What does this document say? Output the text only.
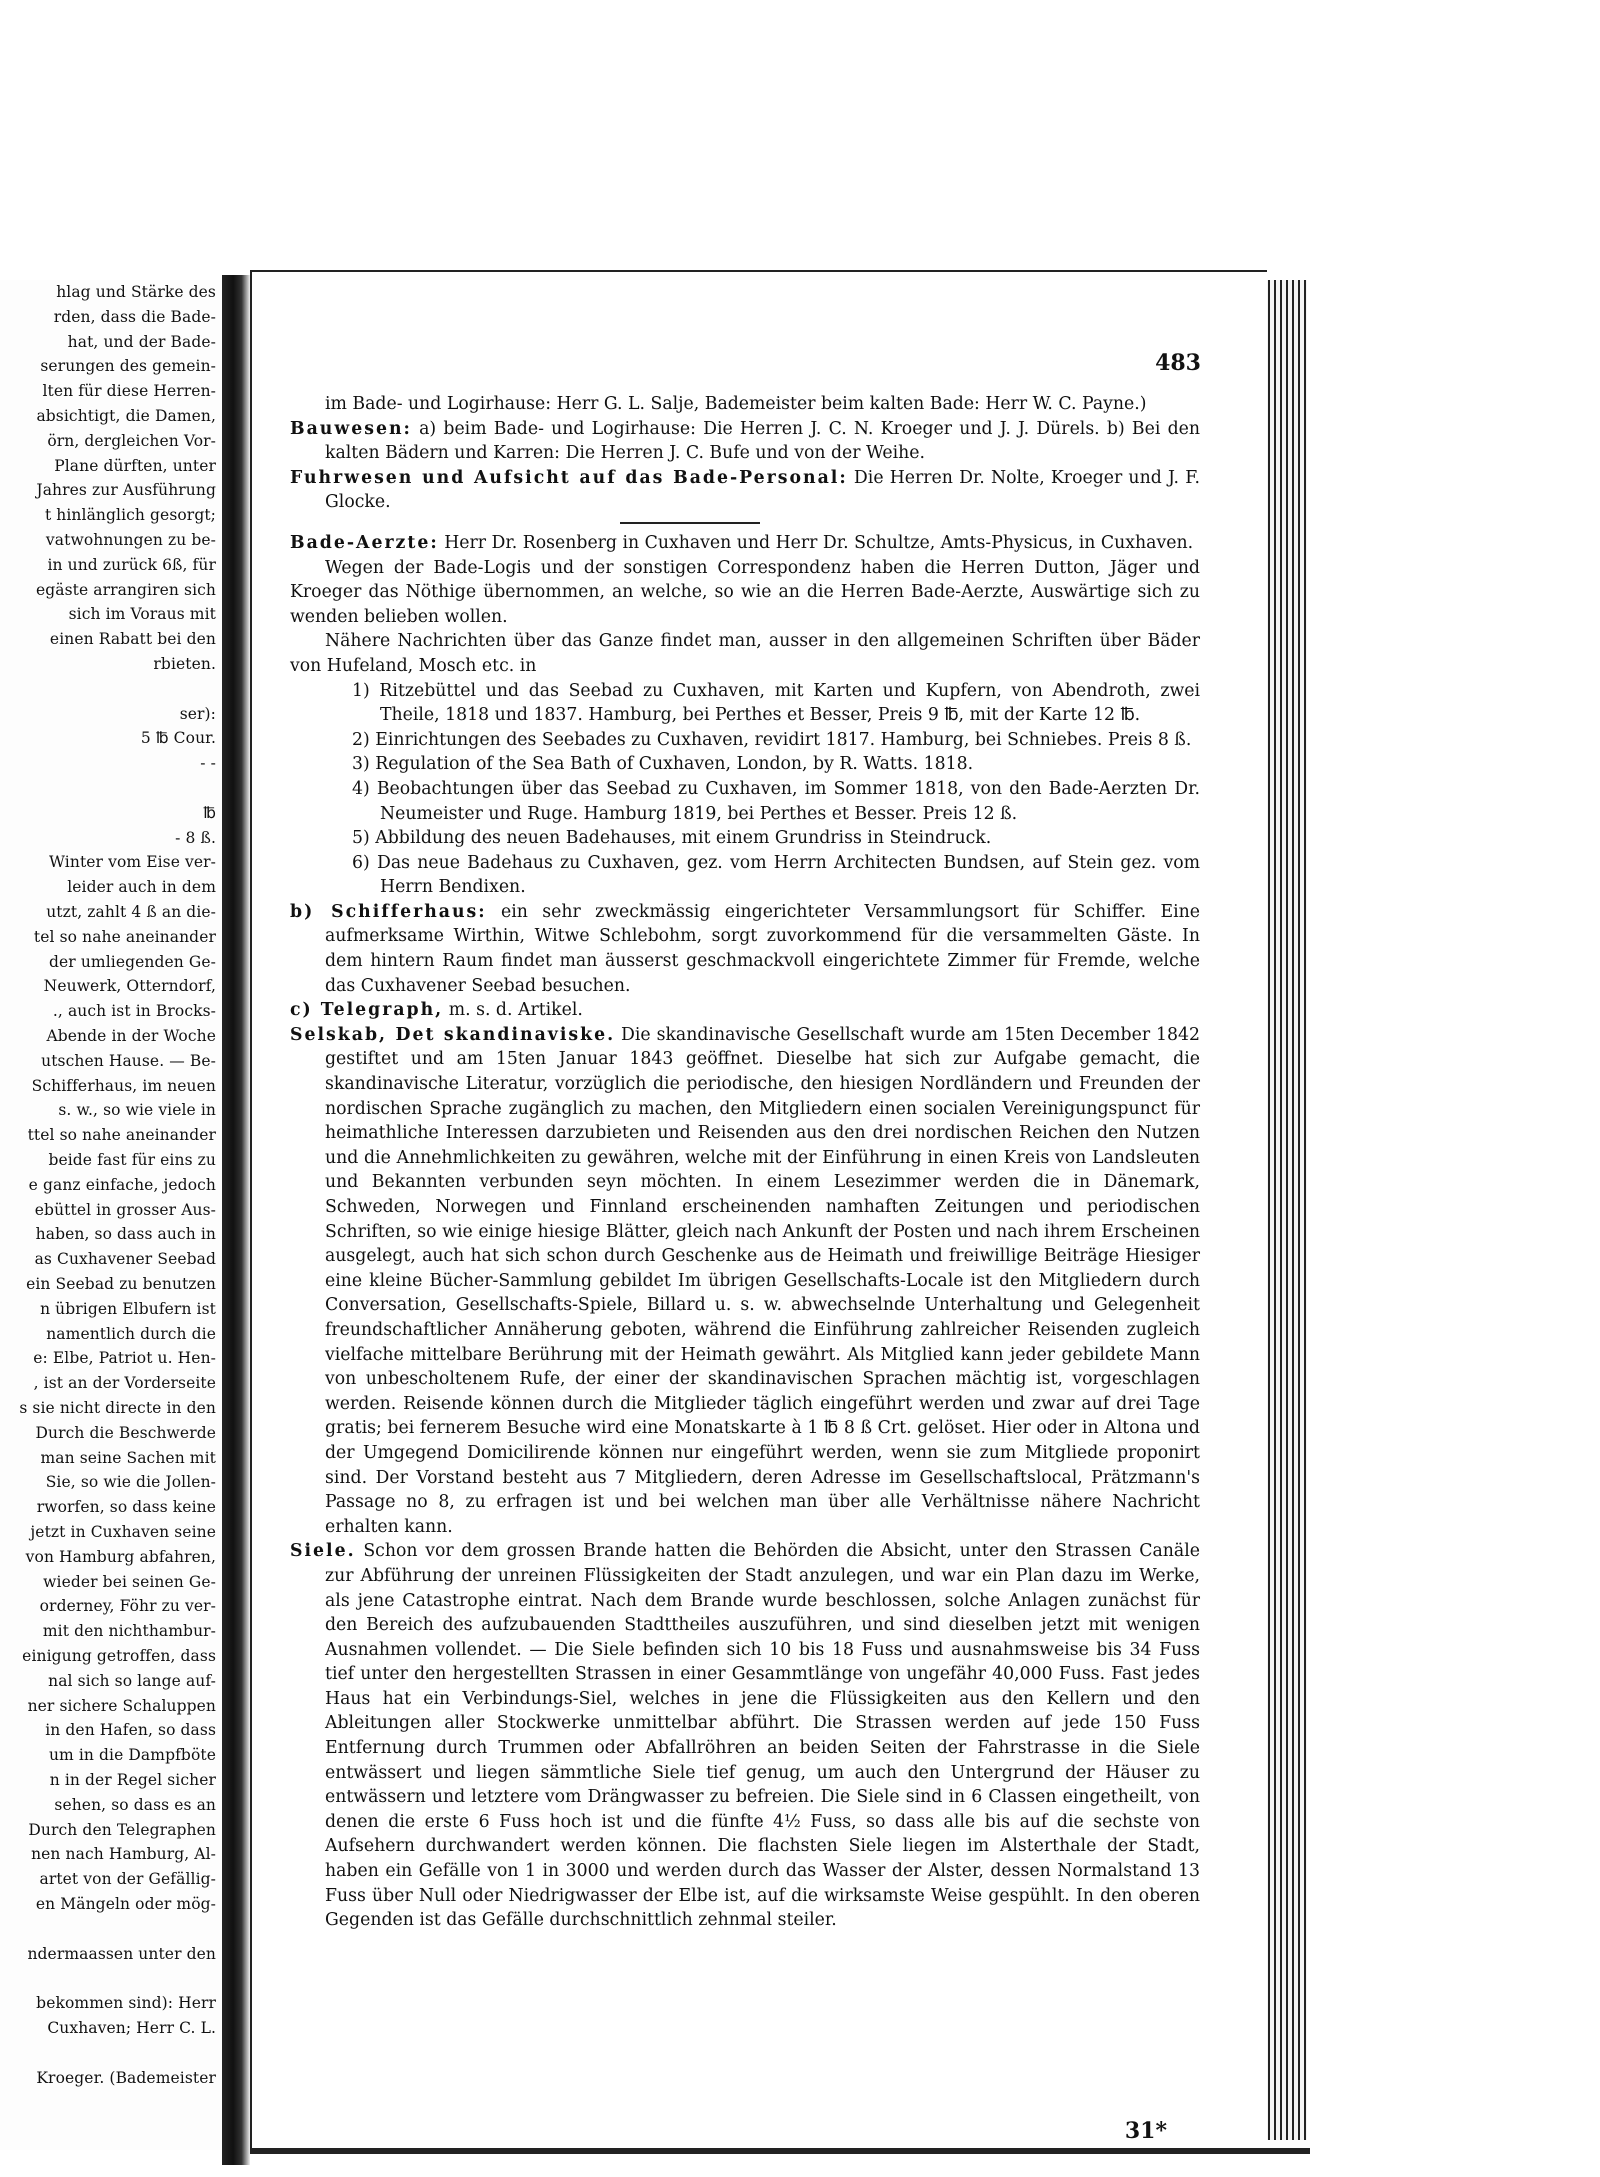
hlag und Stärke des
rden, dass die Bade-
hat, und der Bade-
serungen des gemein-
lten für diese Herren-
absichtigt, die Damen,
örn, dergleichen Vor-
Plane dürften, unter
Jahres zur Ausführung
t hinlänglich gesorgt;
vatwohnungen zu be-
in und zurück 6ß, für
egäste arrangiren sich
sich im Voraus mit
einen Rabatt bei den
rbieten.
ser):
5 ℔ Cour.
- -
℔
- 8 ß.
Winter vom Eise ver-
leider auch in dem
utzt, zahlt 4 ß an die-
tel so nahe aneinander
der umliegenden Ge-
Neuwerk, Otterndorf,
., auch ist in Brocks-
Abende in der Woche
utschen Hause. — Be-
Schifferhaus, im neuen
s. w., so wie viele in
ttel so nahe aneinander
beide fast für eins zu
e ganz einfache, jedoch
ebüttel in grosser Aus-
haben, so dass auch in
as Cuxhavener Seebad
ein Seebad zu benutzen
n übrigen Elbufern ist
namentlich durch die
e: Elbe, Patriot u. Hen-
, ist an der Vorderseite
s sie nicht directe in den
Durch die Beschwerde
man seine Sachen mit
Sie, so wie die Jollen-
rworfen, so dass keine
jetzt in Cuxhaven seine
von Hamburg abfahren,
wieder bei seinen Ge-
orderney, Föhr zu ver-
mit den nichthambur-
einigung getroffen, dass
nal sich so lange auf-
ner sichere Schaluppen
in den Hafen, so dass
um in die Dampfböte
n in der Regel sicher
sehen, so dass es an
Durch den Telegraphen
nen nach Hamburg, Al-
artet von der Gefällig-
en Mängeln oder mög-
ndermaassen unter den
bekommen sind): Herr
Cuxhaven; Herr C. L.
Kroeger. (Bademeister
483

im Bade- und Logirhause: Herr G. L. Salje, Bademeister beim kalten Bade: Herr W. C. Payne.)

Bauwesen: a) beim Bade- und Logirhause: Die Herren J. C. N. Kroeger und J. J. Dürels. b) Bei den kalten Bädern und Karren: Die Herren J. C. Bufe und von der Weihe.

Fuhrwesen und Aufsicht auf das Bade-Personal: Die Herren Dr. Nolte, Kroeger und J. F. Glocke.

Bade-Aerzte: Herr Dr. Rosenberg in Cuxhaven und Herr Dr. Schultze, Amts-Physicus, in Cuxhaven.

Wegen der Bade-Logis und der sonstigen Correspondenz haben die Herren Dutton, Jäger und Kroeger das Nöthige übernommen, an welche, so wie an die Herren Bade-Aerzte, Auswärtige sich zu wenden belieben wollen.

Nähere Nachrichten über das Ganze findet man, ausser in den allgemeinen Schriften über Bäder von Hufeland, Mosch etc. in

1) Ritzebüttel und das Seebad zu Cuxhaven, mit Karten und Kupfern, von Abendroth, zwei Theile, 1818 und 1837. Hamburg, bei Perthes et Besser, Preis 9 ℔, mit der Karte 12 ℔.

2) Einrichtungen des Seebades zu Cuxhaven, revidirt 1817. Hamburg, bei Schniebes. Preis 8 ß.

3) Regulation of the Sea Bath of Cuxhaven, London, by R. Watts. 1818.

4) Beobachtungen über das Seebad zu Cuxhaven, im Sommer 1818, von den Bade-Aerzten Dr. Neumeister und Ruge. Hamburg 1819, bei Perthes et Besser. Preis 12 ß.

5) Abbildung des neuen Badehauses, mit einem Grundriss in Steindruck.

6) Das neue Badehaus zu Cuxhaven, gez. vom Herrn Architecten Bundsen, auf Stein gez. vom Herrn Bendixen.

b) Schifferhaus: ein sehr zweckmässig eingerichteter Versammlungsort für Schiffer. Eine aufmerksame Wirthin, Witwe Schlebohm, sorgt zuvorkommend für die versammelten Gäste. In dem hintern Raum findet man äusserst geschmackvoll eingerichtete Zimmer für Fremde, welche das Cuxhavener Seebad besuchen.

c) Telegraph, m. s. d. Artikel.

Selskab, Det skandinaviske. Die skandinavische Gesellschaft wurde am 15ten December 1842 gestiftet und am 15ten Januar 1843 geöffnet. Dieselbe hat sich zur Aufgabe gemacht, die skandinavische Literatur, vorzüglich die periodische, den hiesigen Nordländern und Freunden der nordischen Sprache zugänglich zu machen, den Mitgliedern einen socialen Vereinigungspunct für heimathliche Interessen darzubieten und Reisenden aus den drei nordischen Reichen den Nutzen und die Annehmlichkeiten zu gewähren, welche mit der Einführung in einen Kreis von Landsleuten und Bekannten verbunden seyn möchten. In einem Lesezimmer werden die in Dänemark, Schweden, Norwegen und Finnland erscheinenden namhaften Zeitungen und periodischen Schriften, so wie einige hiesige Blätter, gleich nach Ankunft der Posten und nach ihrem Erscheinen ausgelegt, auch hat sich schon durch Geschenke aus de Heimath und freiwillige Beiträge Hiesiger eine kleine Bücher-Sammlung gebildet Im übrigen Gesellschafts-Locale ist den Mitgliedern durch Conversation, Gesellschafts-Spiele, Billard u. s. w. abwechselnde Unterhaltung und Gelegenheit freundschaftlicher Annäherung geboten, während die Einführung zahlreicher Reisenden zugleich vielfache mittelbare Berührung mit der Heimath gewährt. Als Mitglied kann jeder gebildete Mann von unbescholtenem Rufe, der einer der skandinavischen Sprachen mächtig ist, vorgeschlagen werden. Reisende können durch die Mitglieder täglich eingeführt werden und zwar auf drei Tage gratis; bei fernerem Besuche wird eine Monatskarte à 1 ℔ 8 ß Crt. gelöset. Hier oder in Altona und der Umgegend Domicilirende können nur eingeführt werden, wenn sie zum Mitgliede proponirt sind. Der Vorstand besteht aus 7 Mitgliedern, deren Adresse im Gesellschaftslocal, Prätzmann's Passage no 8, zu erfragen ist und bei welchen man über alle Verhältnisse nähere Nachricht erhalten kann.

Siele. Schon vor dem grossen Brande hatten die Behörden die Absicht, unter den Strassen Canäle zur Abführung der unreinen Flüssigkeiten der Stadt anzulegen, und war ein Plan dazu im Werke, als jene Catastrophe eintrat. Nach dem Brande wurde beschlossen, solche Anlagen zunächst für den Bereich des aufzubauenden Stadttheiles auszuführen, und sind dieselben jetzt mit wenigen Ausnahmen vollendet. — Die Siele befinden sich 10 bis 18 Fuss und ausnahmsweise bis 34 Fuss tief unter den hergestellten Strassen in einer Gesammtlänge von ungefähr 40,000 Fuss. Fast jedes Haus hat ein Verbindungs-Siel, welches in jene die Flüssigkeiten aus den Kellern und den Ableitungen aller Stockwerke unmittelbar abführt. Die Strassen werden auf jede 150 Fuss Entfernung durch Trummen oder Abfallröhren an beiden Seiten der Fahrstrasse in die Siele entwässert und liegen sämmtliche Siele tief genug, um auch den Untergrund der Häuser zu entwässern und letztere vom Drängwasser zu befreien. Die Siele sind in 6 Classen eingetheilt, von denen die erste 6 Fuss hoch ist und die fünfte 4½ Fuss, so dass alle bis auf die sechste von Aufsehern durchwandert werden können. Die flachsten Siele liegen im Alsterthale der Stadt, haben ein Gefälle von 1 in 3000 und werden durch das Wasser der Alster, dessen Normalstand 13 Fuss über Null oder Niedrigwasser der Elbe ist, auf die wirksamste Weise gespühlt. In den oberen Gegenden ist das Gefälle durchschnittlich zehnmal steiler.

31*
